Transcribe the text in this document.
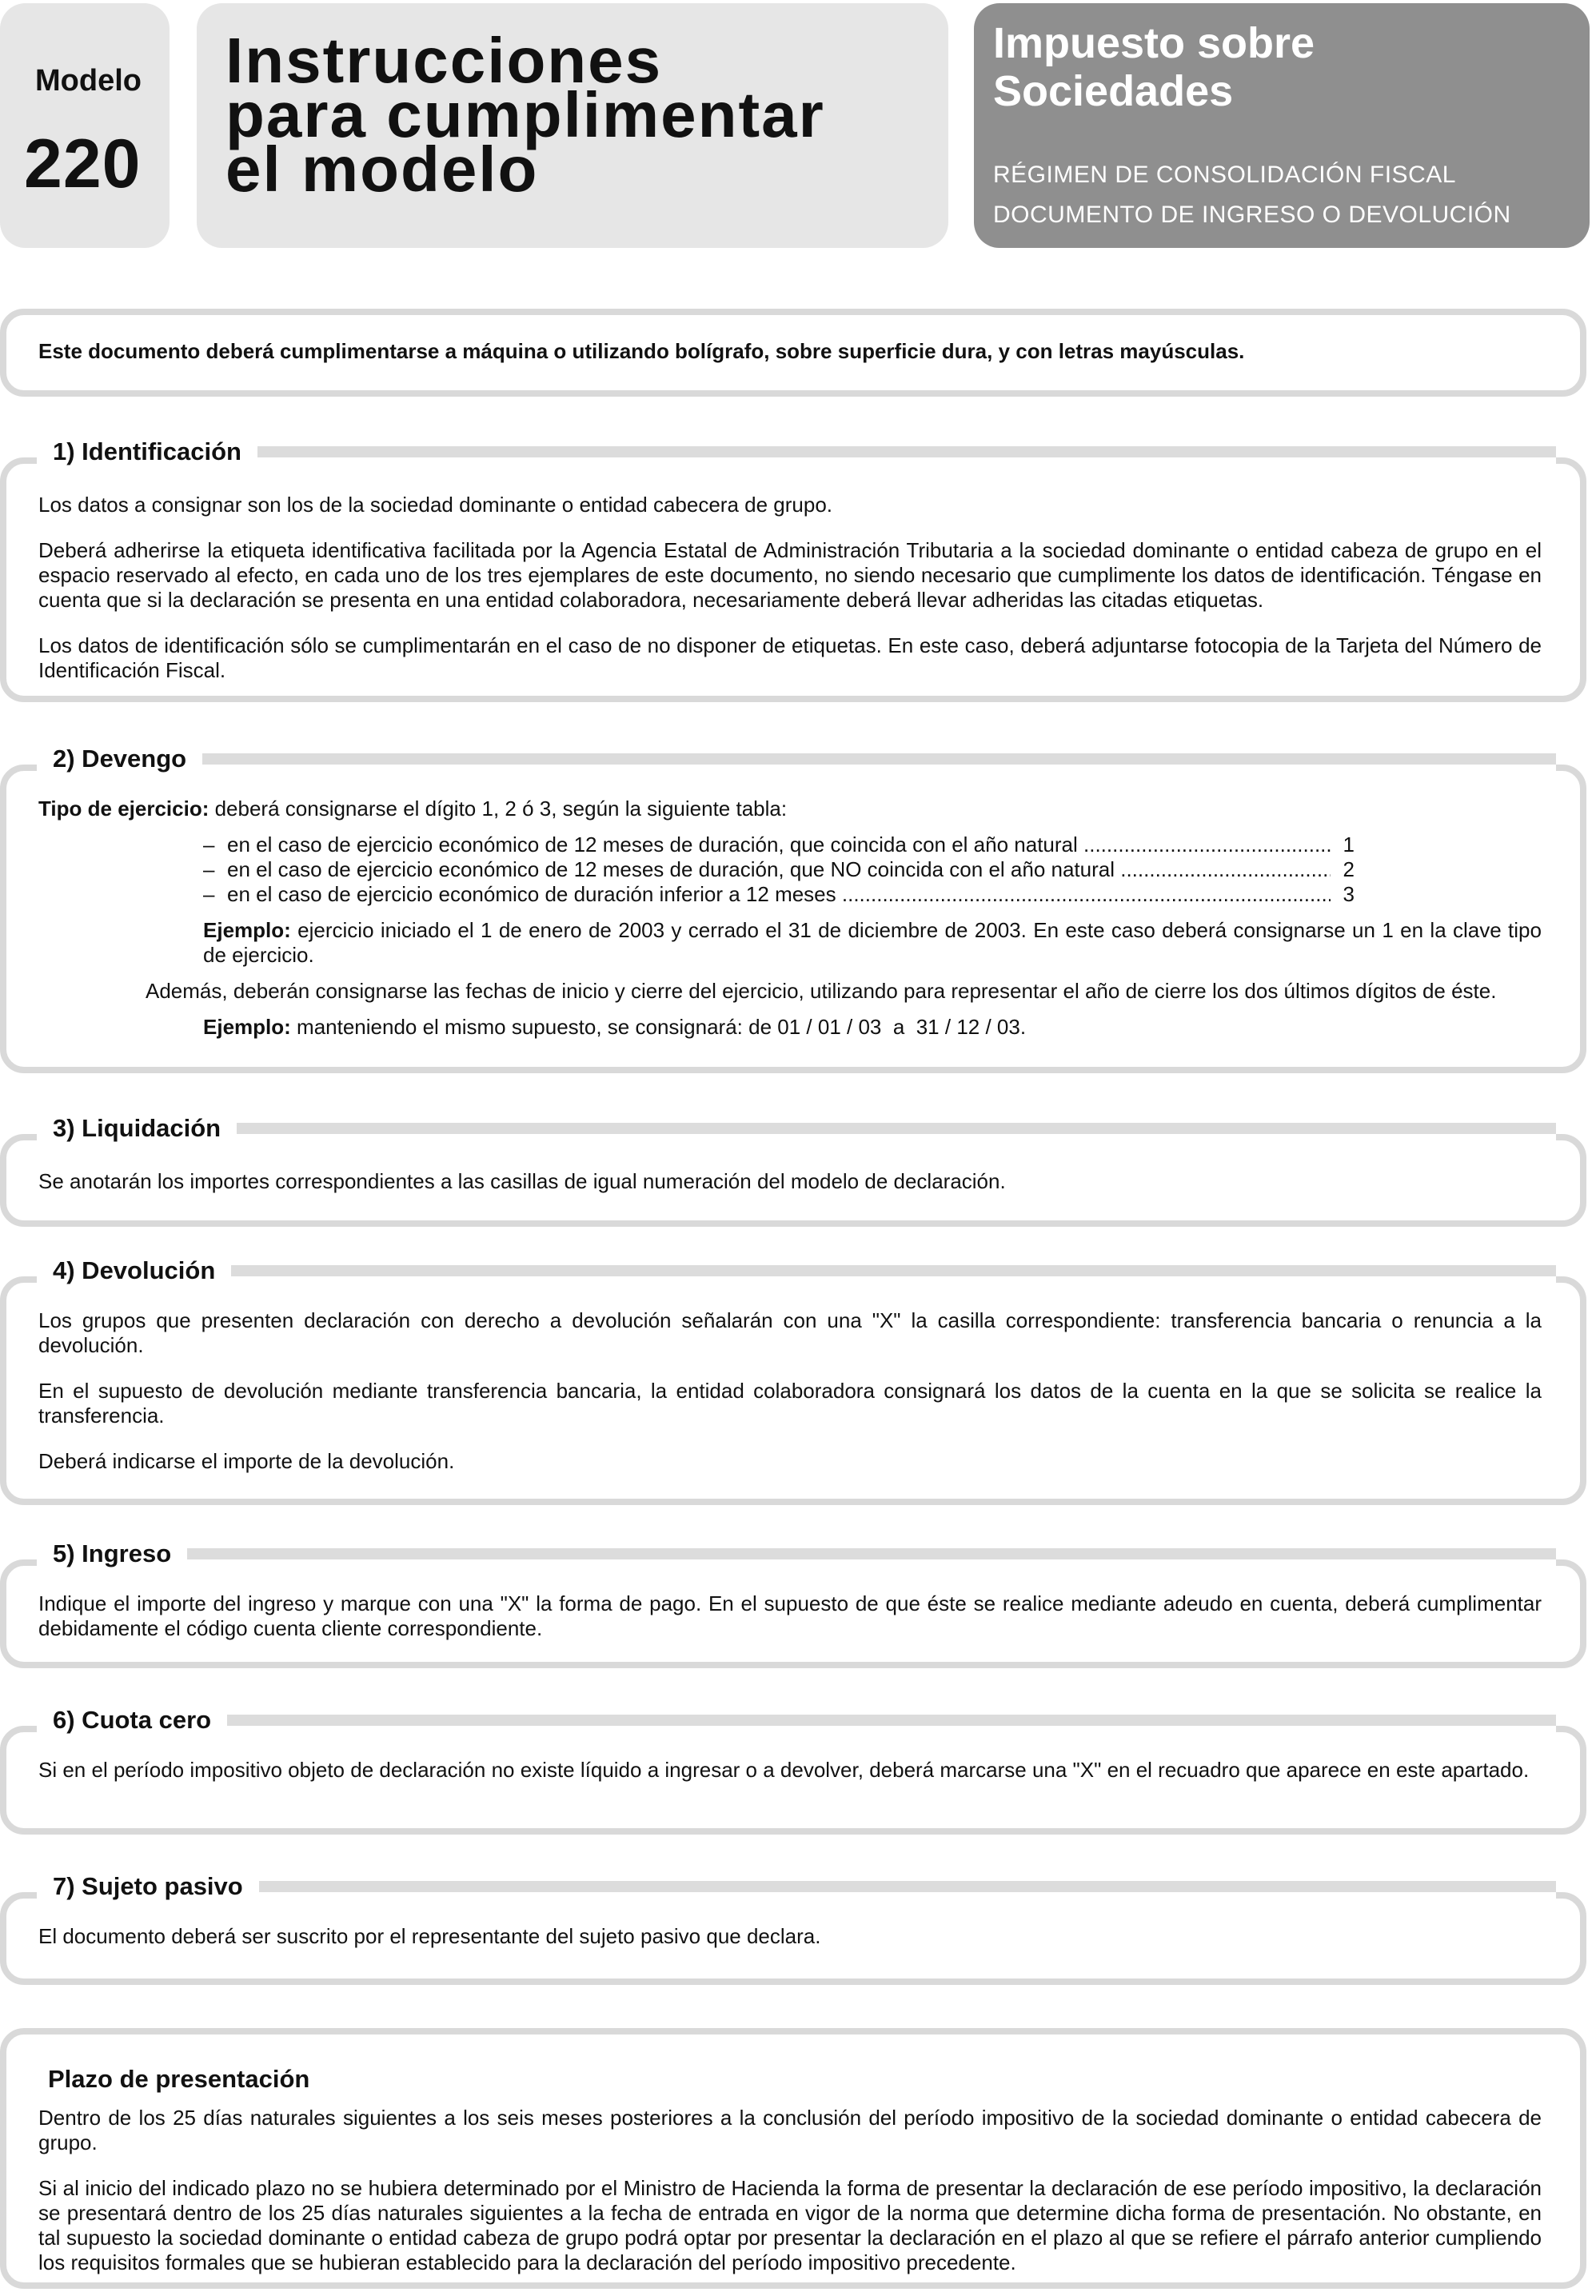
Modelo
220
Instrucciones
para cumplimentar
el modelo
Impuesto sobre
Sociedades
RÉGIMEN DE CONSOLIDACIÓN FISCAL
DOCUMENTO DE INGRESO O DEVOLUCIÓN
Este documento deberá cumplimentarse a máquina o utilizando bolígrafo, sobre superficie dura, y con letras mayúsculas.
1) Identificación

Los datos a consignar son los de la sociedad dominante o entidad cabecera de grupo.

Deberá adherirse la etiqueta identificativa facilitada por la Agencia Estatal de Administración Tributaria a la sociedad dominante o entidad cabeza de grupo en el espacio reservado al efecto, en cada uno de los tres ejemplares de este documento, no siendo necesario que cumplimente los datos de identificación. Téngase en cuenta que si la declaración se presenta en una entidad colaboradora, necesariamente deberá llevar adheridas las citadas etiquetas.

Los datos de identificación sólo se cumplimentarán en el caso de no disponer de etiquetas. En este caso, deberá adjuntarse fotocopia de la Tarjeta del Número de Identificación Fiscal.

2) Devengo
Tipo de ejercicio: deberá consignarse el dígito 1, 2 ó 3, según la siguiente tabla:
– en el caso de ejercicio económico de 12 meses de duración, que coincida con el año natural .....	1
– en el caso de ejercicio económico de 12 meses de duración, que NO coincida con el año natural .....	2
– en el caso de ejercicio económico de duración inferior a 12 meses .....	3
Ejemplo: ejercicio iniciado el 1 de enero de 2003 y cerrado el 31 de diciembre de 2003. En este caso deberá consignarse un 1 en la clave tipo de ejercicio.
Además, deberán consignarse las fechas de inicio y cierre del ejercicio, utilizando para representar el año de cierre los dos últimos dígitos de éste.
Ejemplo: manteniendo el mismo supuesto, se consignará: de 01 / 01 / 03  a  31 / 12 / 03.
3) Liquidación

Se anotarán los importes correspondientes a las casillas de igual numeración del modelo de declaración.

4) Devolución

Los grupos que presenten declaración con derecho a devolución señalarán con una "X" la casilla correspondiente: transferencia bancaria o renuncia a la devolución.

En el supuesto de devolución mediante transferencia bancaria, la entidad colaboradora consignará los datos de la cuenta en la que se solicita se realice la transferencia.

Deberá indicarse el importe de la devolución.

5) Ingreso

Indique el importe del ingreso y marque con una "X" la forma de pago. En el supuesto de que éste se realice mediante adeudo en cuenta, deberá cumplimentar debidamente el código cuenta cliente correspondiente.

6) Cuota cero

Si en el período impositivo objeto de declaración no existe líquido a ingresar o a devolver, deberá marcarse una "X" en el recuadro que aparece en este apartado.

7) Sujeto pasivo

El documento deberá ser suscrito por el representante del sujeto pasivo que declara.

Plazo de presentación

Dentro de los 25 días naturales siguientes a los seis meses posteriores a la conclusión del período impositivo de la sociedad dominante o entidad cabecera de grupo.

Si al inicio del indicado plazo no se hubiera determinado por el Ministro de Hacienda la forma de presentar la declaración de ese período impositivo, la declaración se presentará dentro de los 25 días naturales siguientes a la fecha de entrada en vigor de la norma que determine dicha forma de presentación. No obstante, en tal supuesto la sociedad dominante o entidad cabeza de grupo podrá optar por presentar la declaración en el plazo al que se refiere el párrafo anterior cumpliendo los requisitos formales que se hubieran establecido para la declaración del período impositivo precedente.
